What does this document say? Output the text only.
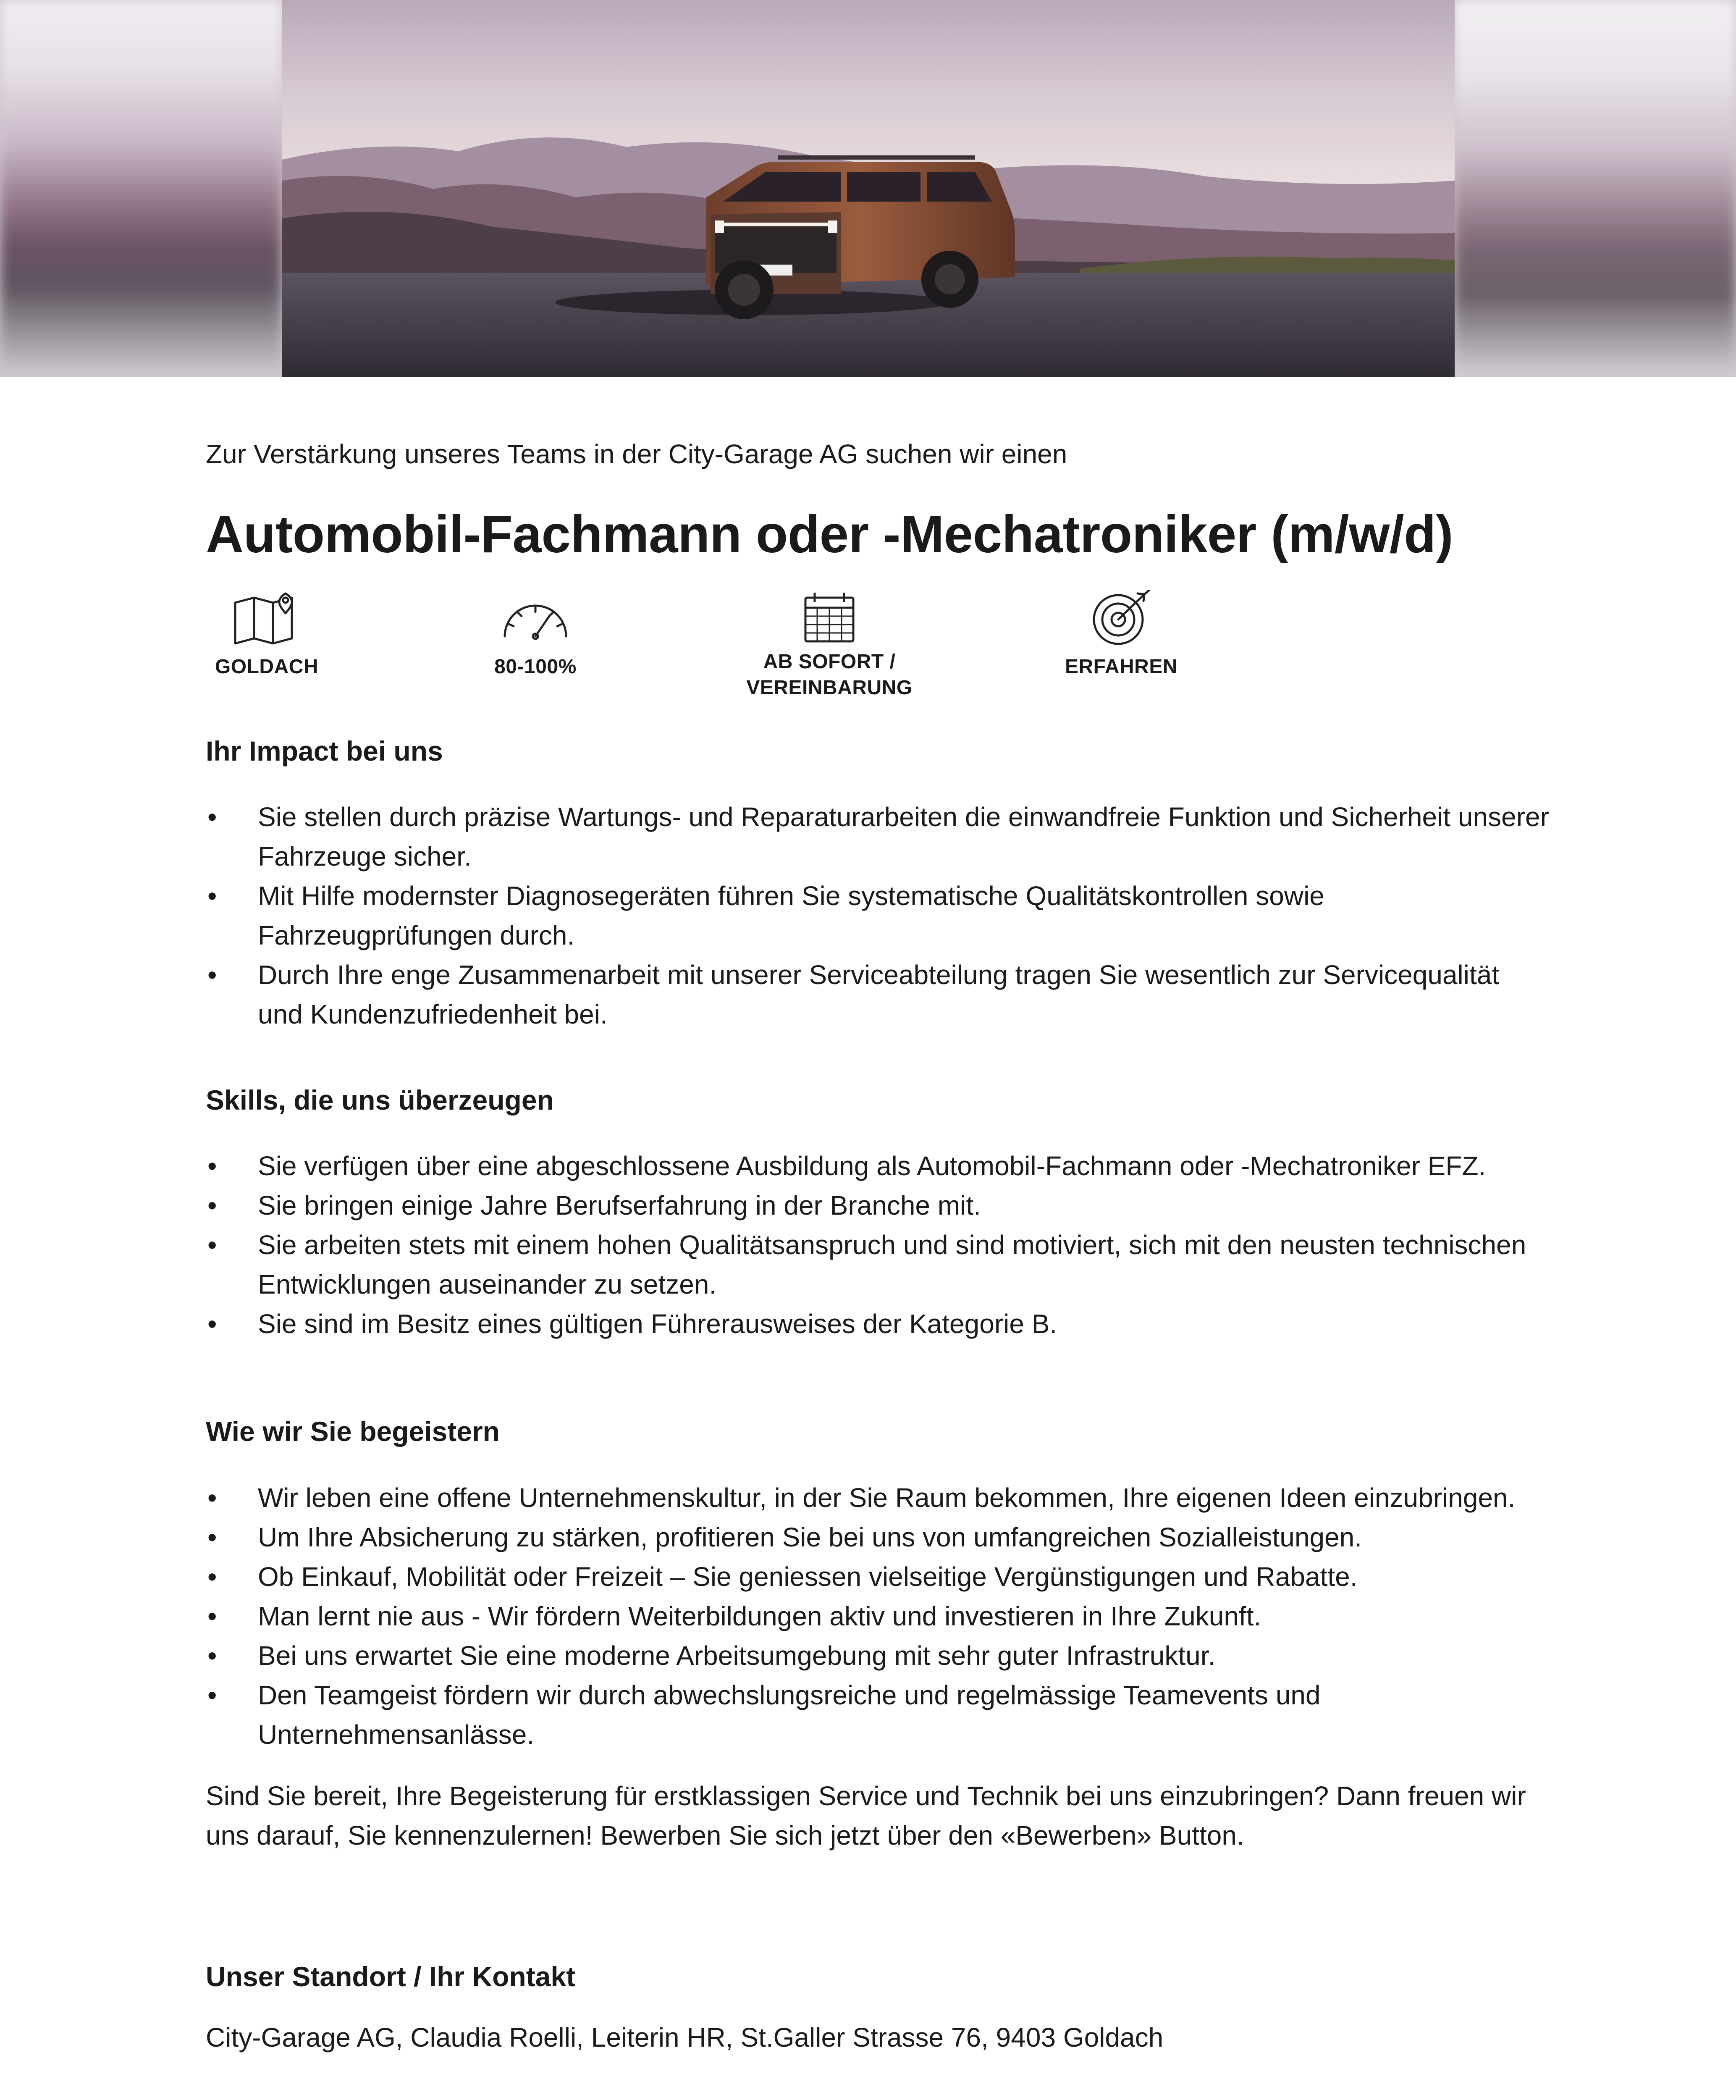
Zur Verstärkung unseres Teams in der City-Garage AG suchen wir einen

Automobil-Fachmann oder -Mechatroniker (m/w/d)
GOLDACH	80-100%	AB SOFORT /
VEREINBARUNG
ERFAHREN
Ihr Impact bei uns
• Sie stellen durch präzise Wartungs- und Reparaturarbeiten die einwandfreie Funktion und Sicherheit unserer Fahrzeuge sicher.
• Mit Hilfe modernster Diagnosegeräten führen Sie systematische Qualitätskontrollen sowie Fahrzeugprüfungen durch.
• Durch Ihre enge Zusammenarbeit mit unserer Serviceabteilung tragen Sie wesentlich zur Servicequalität und Kundenzufriedenheit bei.
Skills, die uns überzeugen
• Sie verfügen über eine abgeschlossene Ausbildung als Automobil-Fachmann oder -Mechatroniker EFZ.
• Sie bringen einige Jahre Berufserfahrung in der Branche mit.
• Sie arbeiten stets mit einem hohen Qualitätsanspruch und sind motiviert, sich mit den neusten technischen Entwicklungen auseinander zu setzen.
• Sie sind im Besitz eines gültigen Führerausweises der Kategorie B.
Wie wir Sie begeistern
• Wir leben eine offene Unternehmenskultur, in der Sie Raum bekommen, Ihre eigenen Ideen einzubringen.
• Um Ihre Absicherung zu stärken, profitieren Sie bei uns von umfangreichen Sozialleistungen.
• Ob Einkauf, Mobilität oder Freizeit – Sie geniessen vielseitige Vergünstigungen und Rabatte.
• Man lernt nie aus - Wir fördern Weiterbildungen aktiv und investieren in Ihre Zukunft.
• Bei uns erwartet Sie eine moderne Arbeitsumgebung mit sehr guter Infrastruktur.
• Den Teamgeist fördern wir durch abwechslungsreiche und regelmässige Teamevents und Unternehmensanlässe.

Sind Sie bereit, Ihre Begeisterung für erstklassigen Service und Technik bei uns einzubringen? Dann freuen wir uns darauf, Sie kennenzulernen! Bewerben Sie sich jetzt über den «Bewerben» Button.

Unser Standort / Ihr Kontakt

City-Garage AG, Claudia Roelli, Leiterin HR, St.Galler Strasse 76, 9403 Goldach
